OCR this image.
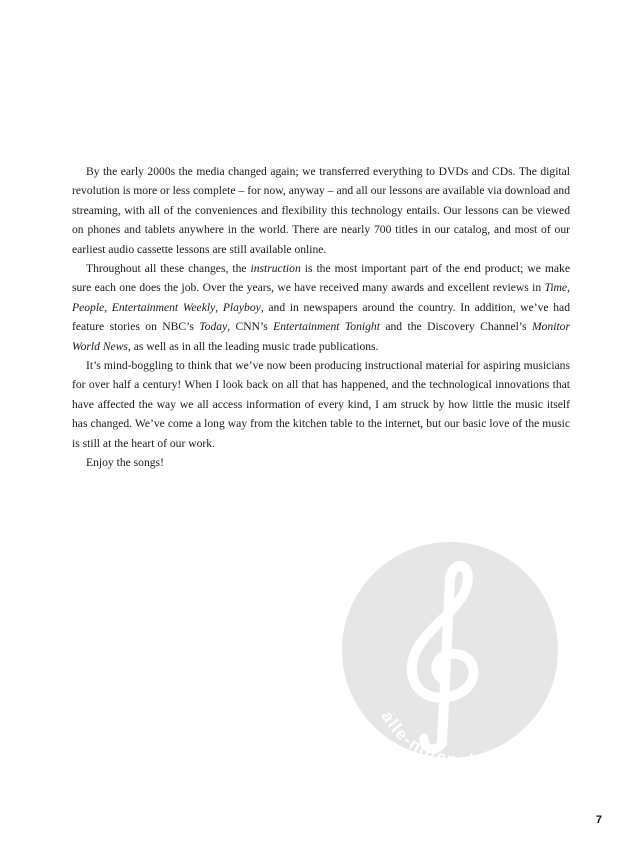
By the early 2000s the media changed again; we transferred everything to DVDs and CDs. The digital revolution is more or less complete – for now, anyway – and all our lessons are available via download and streaming, with all of the conveniences and flexibility this technology entails. Our lessons can be viewed on phones and tablets anywhere in the world. There are nearly 700 titles in our catalog, and most of our earliest audio cassette lessons are still available online.

Throughout all these changes, the instruction is the most important part of the end product; we make sure each one does the job. Over the years, we have received many awards and excellent reviews in Time, People, Entertainment Weekly, Playboy, and in newspapers around the country. In addition, we’ve had feature stories on NBC’s Today, CNN’s Entertainment Tonight and the Discovery Channel’s Monitor World News, as well as in all the leading music trade publications.

It’s mind-boggling to think that we’ve now been producing instructional material for aspiring musicians for over half a century! When I look back on all that has happened, and the technological innovations that have affected the way we all access information of every kind, I am struck by how little the music itself has changed. We’ve come a long way from the kitchen table to the internet, but our basic love of the music is still at the heart of our work.

Enjoy the songs!

alle-noten.de
7
